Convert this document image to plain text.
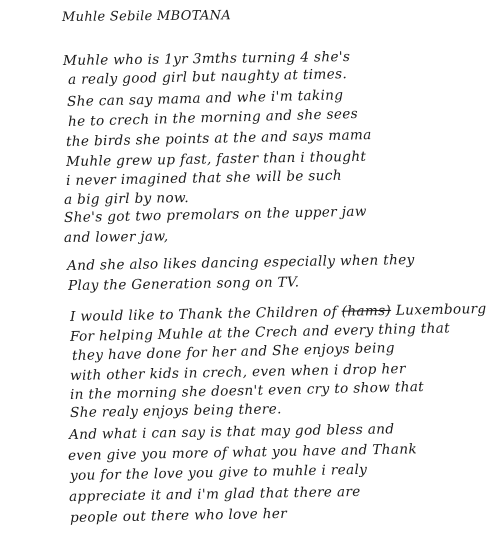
Muhle Sebile MBOTANA
Muhle who is 1yr 3mths turning 4 she's
a realy good girl but naughty at times.
She can say mama and whe i'm taking
he to crech in the morning and she sees
the birds she points at the and says mama
Muhle grew up fast, faster than i thought
i never imagined that she will be such
a big girl by now.
She's got two premolars on the upper jaw
and lower jaw,
And she also likes dancing especially when they
Play the Generation song on TV.
I would like to Thank the Children of (hams) Luxembourg
For helping Muhle at the Crech and every thing that
they have done for her and She enjoys being
with other kids in crech, even when i drop her
in the morning she doesn't even cry to show that
She realy enjoys being there.
And what i can say is that may god bless and
even give you more of what you have and Thank
you for the love you give to muhle i realy
appreciate it and i'm glad that there are
people out there who love her
